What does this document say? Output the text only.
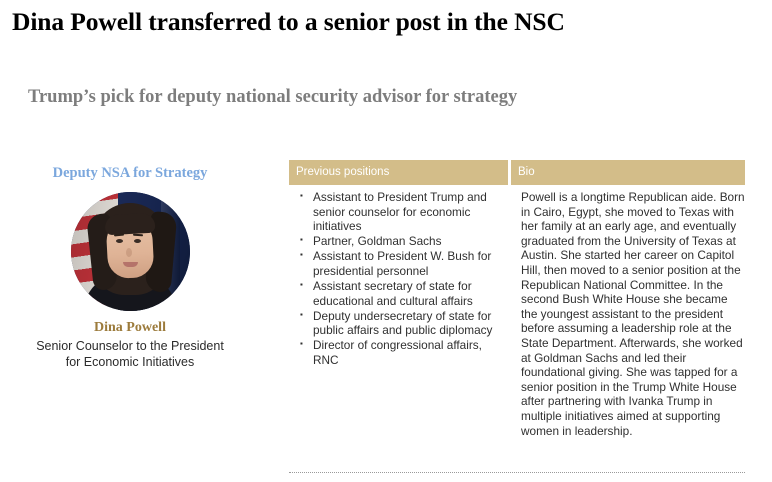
Dina Powell transferred to a senior post in the NSC
Trump’s pick for deputy national security advisor for strategy
Deputy NSA for Strategy
Dina Powell
Senior Counselor to the President
for Economic Initiatives
Previous positions	Bio
▪ Assistant to President Trump and senior counselor for economic initiatives
▪ Partner, Goldman Sachs
▪ Assistant to President W. Bush for presidential personnel
▪ Assistant secretary of state for educational and cultural affairs
▪ Deputy undersecretary of state for public affairs and public diplomacy
▪ Director of congressional affairs, RNC

Powell is a longtime Republican aide. Born in Cairo, Egypt, she moved to Texas with her family at an early age, and eventually graduated from the University of Texas at Austin. She started her career on Capitol Hill, then moved to a senior position at the Republican National Committee. In the second Bush White House she became the youngest assistant to the president before assuming a leadership role at the State Department. Afterwards, she worked at Goldman Sachs and led their foundational giving. She was tapped for a senior position in the Trump White House after partnering with Ivanka Trump in multiple initiatives aimed at supporting women in leadership.
